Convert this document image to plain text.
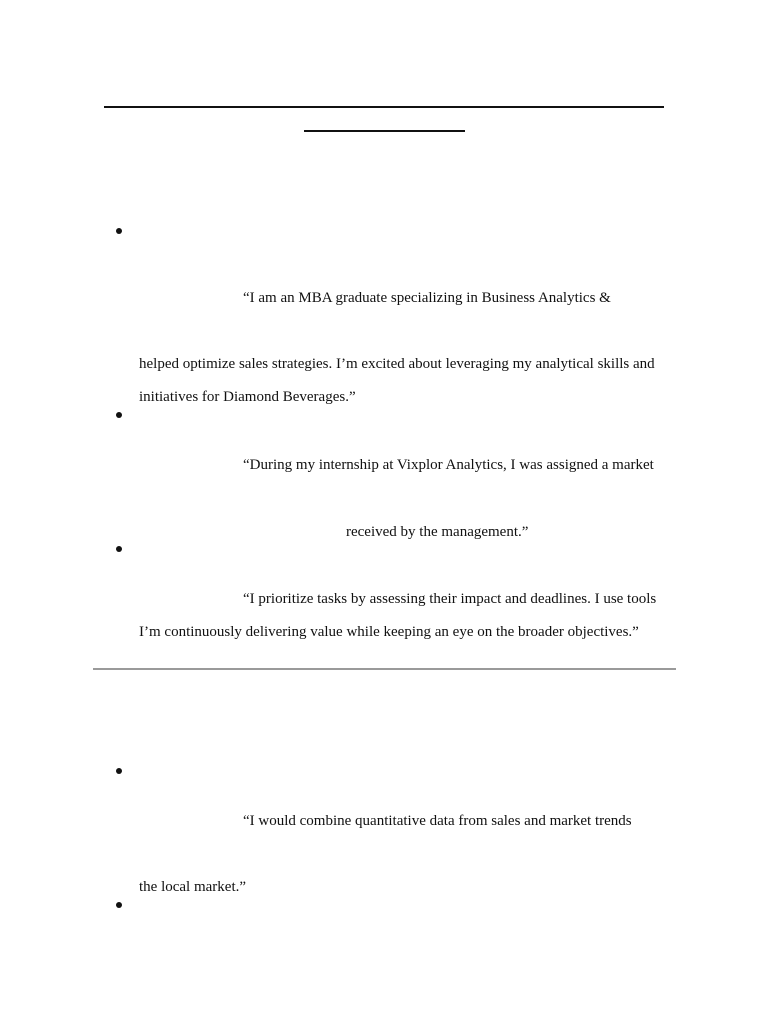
“I am an MBA graduate specializing in Business Analytics &
helped optimize sales strategies. I’m excited about leveraging my analytical skills and
initiatives for Diamond Beverages.”
“During my internship at Vixplor Analytics, I was assigned a market
received by the management.”
“I prioritize tasks by assessing their impact and deadlines. I use tools
I’m continuously delivering value while keeping an eye on the broader objectives.”
“I would combine quantitative data from sales and market trends
the local market.”
